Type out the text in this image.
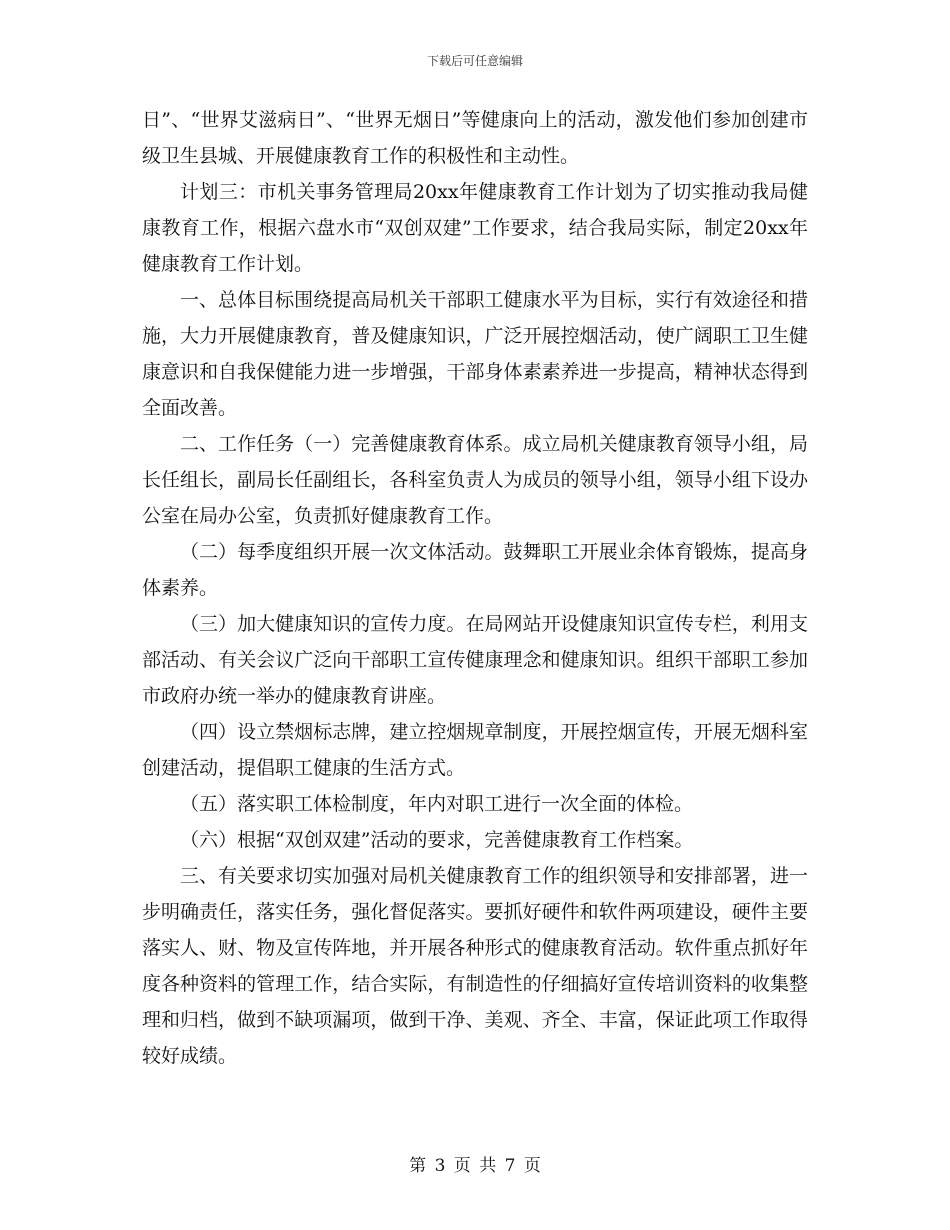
下载后可任意编辑

日”、“世界艾滋病日”、“世界无烟日”等健康向上的活动，激发他们参加创建市级卫生县城、开展健康教育工作的积极性和主动性。

计划三：市机关事务管理局20xx年健康教育工作计划为了切实推动我局健康教育工作，根据六盘水市“双创双建”工作要求，结合我局实际，制定20xx年健康教育工作计划。

一、总体目标围绕提高局机关干部职工健康水平为目标，实行有效途径和措施，大力开展健康教育，普及健康知识，广泛开展控烟活动，使广阔职工卫生健康意识和自我保健能力进一步增强，干部身体素素养进一步提高，精神状态得到全面改善。

二、工作任务（一）完善健康教育体系。成立局机关健康教育领导小组，局长任组长，副局长任副组长，各科室负责人为成员的领导小组，领导小组下设办公室在局办公室，负责抓好健康教育工作。

（二）每季度组织开展一次文体活动。鼓舞职工开展业余体育锻炼，提高身体素养。

（三）加大健康知识的宣传力度。在局网站开设健康知识宣传专栏，利用支部活动、有关会议广泛向干部职工宣传健康理念和健康知识。组织干部职工参加市政府办统一举办的健康教育讲座。

（四）设立禁烟标志牌，建立控烟规章制度，开展控烟宣传，开展无烟科室创建活动，提倡职工健康的生活方式。

（五）落实职工体检制度，年内对职工进行一次全面的体检。

（六）根据“双创双建”活动的要求，完善健康教育工作档案。

三、有关要求切实加强对局机关健康教育工作的组织领导和安排部署，进一步明确责任，落实任务，强化督促落实。要抓好硬件和软件两项建设，硬件主要落实人、财、物及宣传阵地，并开展各种形式的健康教育活动。软件重点抓好年度各种资料的管理工作，结合实际，有制造性的仔细搞好宣传培训资料的收集整理和归档，做到不缺项漏项，做到干净、美观、齐全、丰富，保证此项工作取得较好成绩。

第 3 页 共 7 页
